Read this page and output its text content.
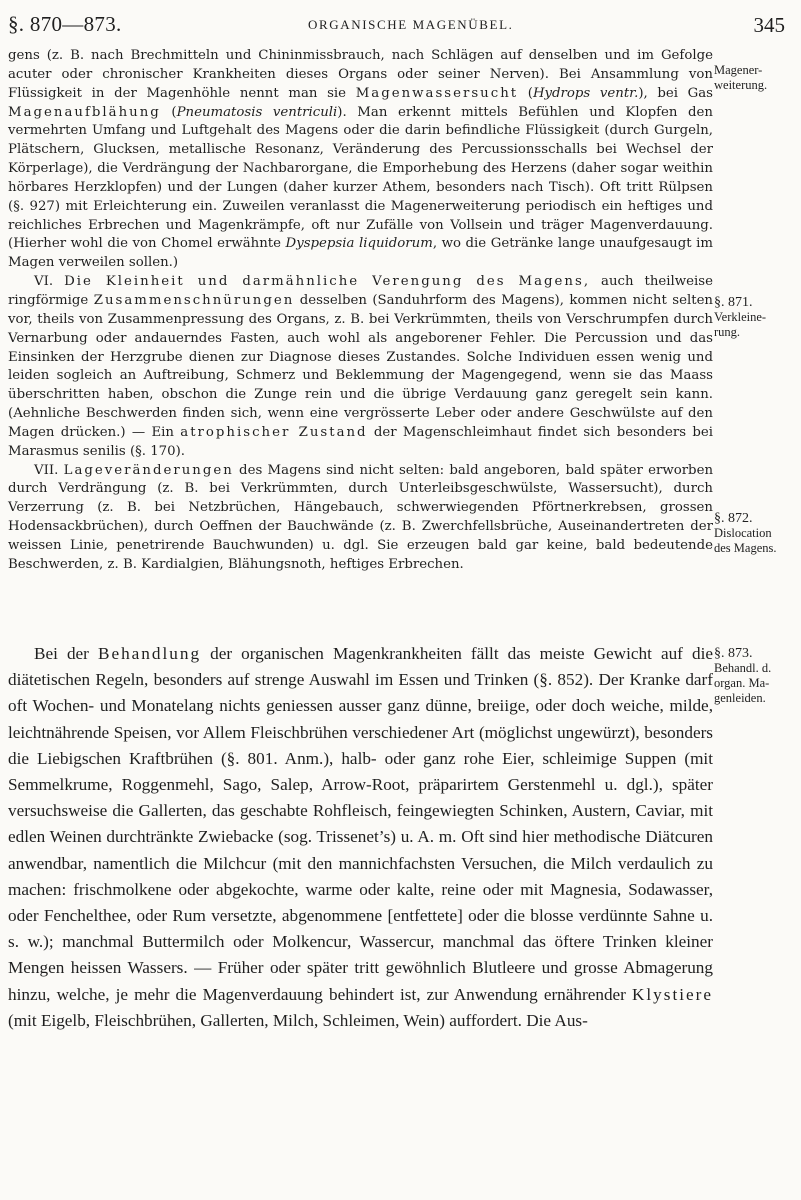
§. 870—873.	ORGANISCHE MAGENÜBEL.	345

gens (z. B. nach Brechmitteln und Chininmissbrauch, nach Schlägen auf denselben und im Gefolge acuter oder chronischer Krankheiten dieses Organs oder seiner Nerven). Bei Ansammlung von Flüssigkeit in der Magenhöhle nennt man sie Magenwassersucht (Hydrops ventr.), bei Gas Magenaufblähung (Pneumatosis ventriculi). Man erkennt mittels Befühlen und Klopfen den vermehrten Umfang und Luftgehalt des Magens oder die darin befindliche Flüssigkeit (durch Gurgeln, Plätschern, Glucksen, metallische Resonanz, Veränderung des Percussionsschalls bei Wechsel der Körperlage), die Verdrängung der Nachbarorgane, die Emporhebung des Herzens (daher sogar weithin hörbares Herzklopfen) und der Lungen (daher kurzer Athem, besonders nach Tisch). Oft tritt Rülpsen (§. 927) mit Erleichterung ein. Zuweilen veranlasst die Magenerweiterung periodisch ein heftiges und reichliches Erbrechen und Magenkrämpfe, oft nur Zufälle von Vollsein und träger Magenverdauung. (Hierher wohl die von Chomel erwähnte Dyspepsia liquidorum, wo die Getränke lange unaufgesaugt im Magen verweilen sollen.)

VI. Die Kleinheit und darmähnliche Verengung des Magens, auch theilweise ringförmige Zusammenschnürungen desselben (Sanduhrform des Magens), kommen nicht selten vor, theils von Zusammenpressung des Organs, z. B. bei Verkrümmten, theils von Verschrumpfen durch Vernarbung oder andauerndes Fasten, auch wohl als angeborener Fehler. Die Percussion und das Einsinken der Herzgrube dienen zur Diagnose dieses Zustandes. Solche Individuen essen wenig und leiden sogleich an Auftreibung, Schmerz und Beklemmung der Magengegend, wenn sie das Maass überschritten haben, obschon die Zunge rein und die übrige Verdauung ganz geregelt sein kann. (Aehnliche Beschwerden finden sich, wenn eine vergrösserte Leber oder andere Geschwülste auf den Magen drücken.) — Ein atrophischer Zustand der Magenschleimhaut findet sich besonders bei Marasmus senilis (§. 170).

VII. Lageveränderungen des Magens sind nicht selten: bald angeboren, bald später erworben durch Verdrängung (z. B. bei Verkrümmten, durch Unterleibsgeschwülste, Wassersucht), durch Verzerrung (z. B. bei Netzbrüchen, Hängebauch, schwerwiegenden Pförtnerkrebsen, grossen Hodensackbrüchen), durch Oeffnen der Bauchwände (z. B. Zwerchfellsbrüche, Auseinandertreten der weissen Linie, penetrirende Bauchwunden) u. dgl. Sie erzeugen bald gar keine, bald bedeutende Beschwerden, z. B. Kardialgien, Blähungsnoth, heftiges Erbrechen.

Bei der Behandlung der organischen Magenkrankheiten fällt das meiste Gewicht auf die diätetischen Regeln, besonders auf strenge Auswahl im Essen und Trinken (§. 852). Der Kranke darf oft Wochen- und Monatelang nichts geniessen ausser ganz dünne, breiige, oder doch weiche, milde, leichtnährende Speisen, vor Allem Fleischbrühen verschiedener Art (möglichst ungewürzt), besonders die Liebigschen Kraftbrühen (§. 801. Anm.), halb- oder ganz rohe Eier, schleimige Suppen (mit Semmelkrume, Roggenmehl, Sago, Salep, Arrow-Root, präparirtem Gerstenmehl u. dgl.), später versuchsweise die Gallerten, das geschabte Rohfleisch, feingewiegten Schinken, Austern, Caviar, mit edlen Weinen durchtränkte Zwiebacke (sog. Trissenet’s) u. A. m. Oft sind hier methodische Diätcuren anwendbar, namentlich die Milchcur (mit den mannichfachsten Versuchen, die Milch verdaulich zu machen: frischmolkene oder abgekochte, warme oder kalte, reine oder mit Magnesia, Sodawasser, oder Fenchelthee, oder Rum versetzte, abgenommene [entfettete] oder die blosse verdünnte Sahne u. s. w.); manchmal Buttermilch oder Molkencur, Wassercur, manchmal das öftere Trinken kleiner Mengen heissen Wassers. — Früher oder später tritt gewöhnlich Blutleere und grosse Abmagerung hinzu, welche, je mehr die Magenverdauung behindert ist, zur Anwendung ernährender Klystiere (mit Eigelb, Fleischbrühen, Gallerten, Milch, Schleimen, Wein) auffordert. Die Aus-

Magener-
weiterung.
§. 871.
Verkleine-
rung.
§. 872.
Dislocation
des Magens.
§. 873.
Behandl. d.
organ. Ma-
genleiden.
